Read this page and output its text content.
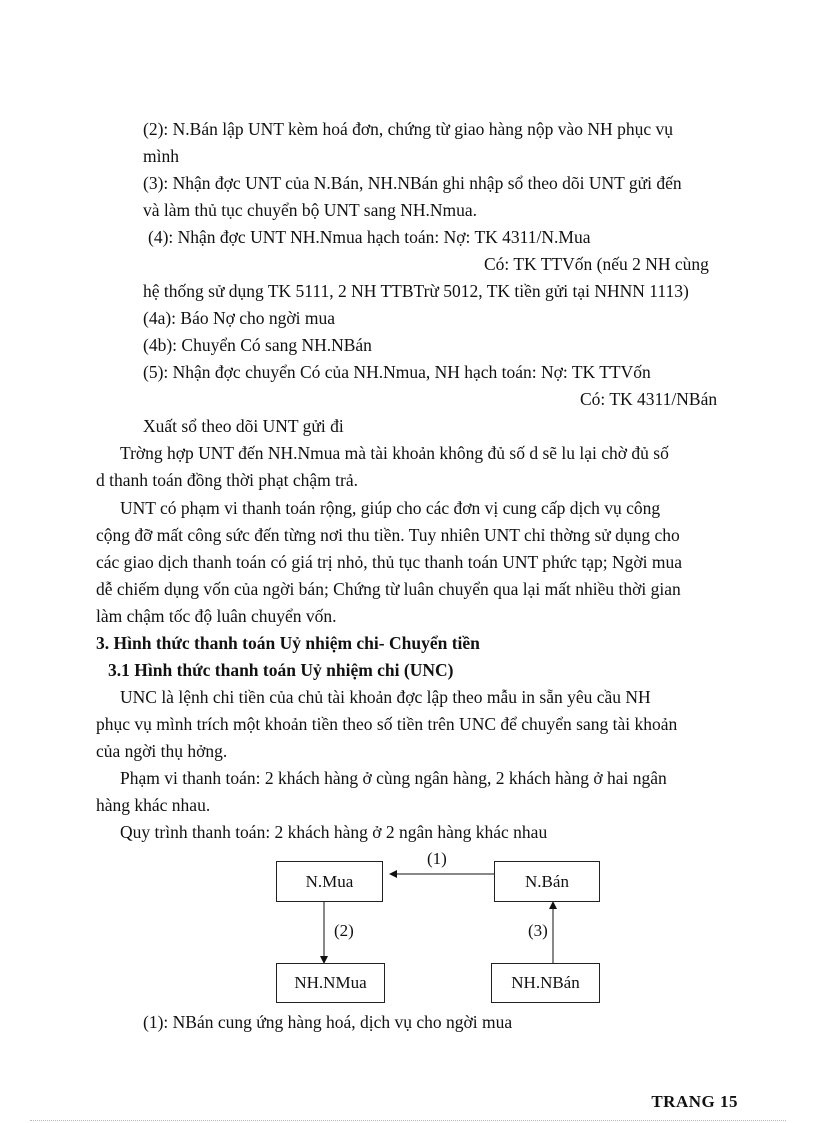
(2): N.Bán lập UNT kèm hoá đơn, chứng từ giao hàng nộp vào NH phục vụ
mình
(3): Nhận đợc UNT của N.Bán, NH.NBán ghi nhập sổ theo dõi UNT gửi đến
và làm thủ tục chuyển bộ UNT sang NH.Nmua.
(4): Nhận đợc UNT NH.Nmua hạch toán: Nợ: TK 4311/N.Mua
Có: TK TTVốn (nếu 2 NH cùng
hệ thống sử dụng TK 5111, 2 NH TTBTrừ 5012, TK tiền gửi tại NHNN 1113)
(4a): Báo Nợ cho ngời mua
(4b): Chuyển Có sang NH.NBán
(5): Nhận đợc chuyển Có của NH.Nmua, NH hạch toán: Nợ: TK TTVốn
Có: TK 4311/NBán
Xuất sổ theo dõi UNT gửi đi
Trờng hợp UNT đến NH.Nmua mà tài khoản không đủ số d sẽ lu lại chờ đủ số
d thanh toán đồng thời phạt chậm trả.
UNT có phạm vi thanh toán rộng, giúp cho các đơn vị cung cấp dịch vụ công
cộng đỡ mất công sức đến từng nơi thu tiền. Tuy nhiên UNT chỉ thờng sử dụng cho
các giao dịch thanh toán có giá trị nhỏ, thủ tục thanh toán UNT phức tạp; Ngời mua
dễ chiếm dụng vốn của ngời bán; Chứng từ luân chuyển qua lại mất nhiều thời gian
làm chậm tốc độ luân chuyển vốn.
3. Hình thức thanh toán Uỷ nhiệm chi- Chuyển tiền
3.1 Hình thức thanh toán Uỷ nhiệm chi (UNC)
UNC là lệnh chi tiền của chủ tài khoản đợc lập theo mẫu in sẵn yêu cầu NH
phục vụ mình trích một khoản tiền theo số tiền trên UNC để chuyển sang tài khoản
của ngời thụ hởng.
Phạm vi thanh toán: 2 khách hàng ở cùng ngân hàng, 2 khách hàng ở hai ngân
hàng khác nhau.
Quy trình thanh toán: 2 khách hàng ở 2 ngân hàng khác nhau
N.Mua	N.Bán
NH.NMua	NH.NBán
(1)
(2)	(3)
(1): NBán cung ứng hàng hoá, dịch vụ cho ngời mua
TRANG 15
